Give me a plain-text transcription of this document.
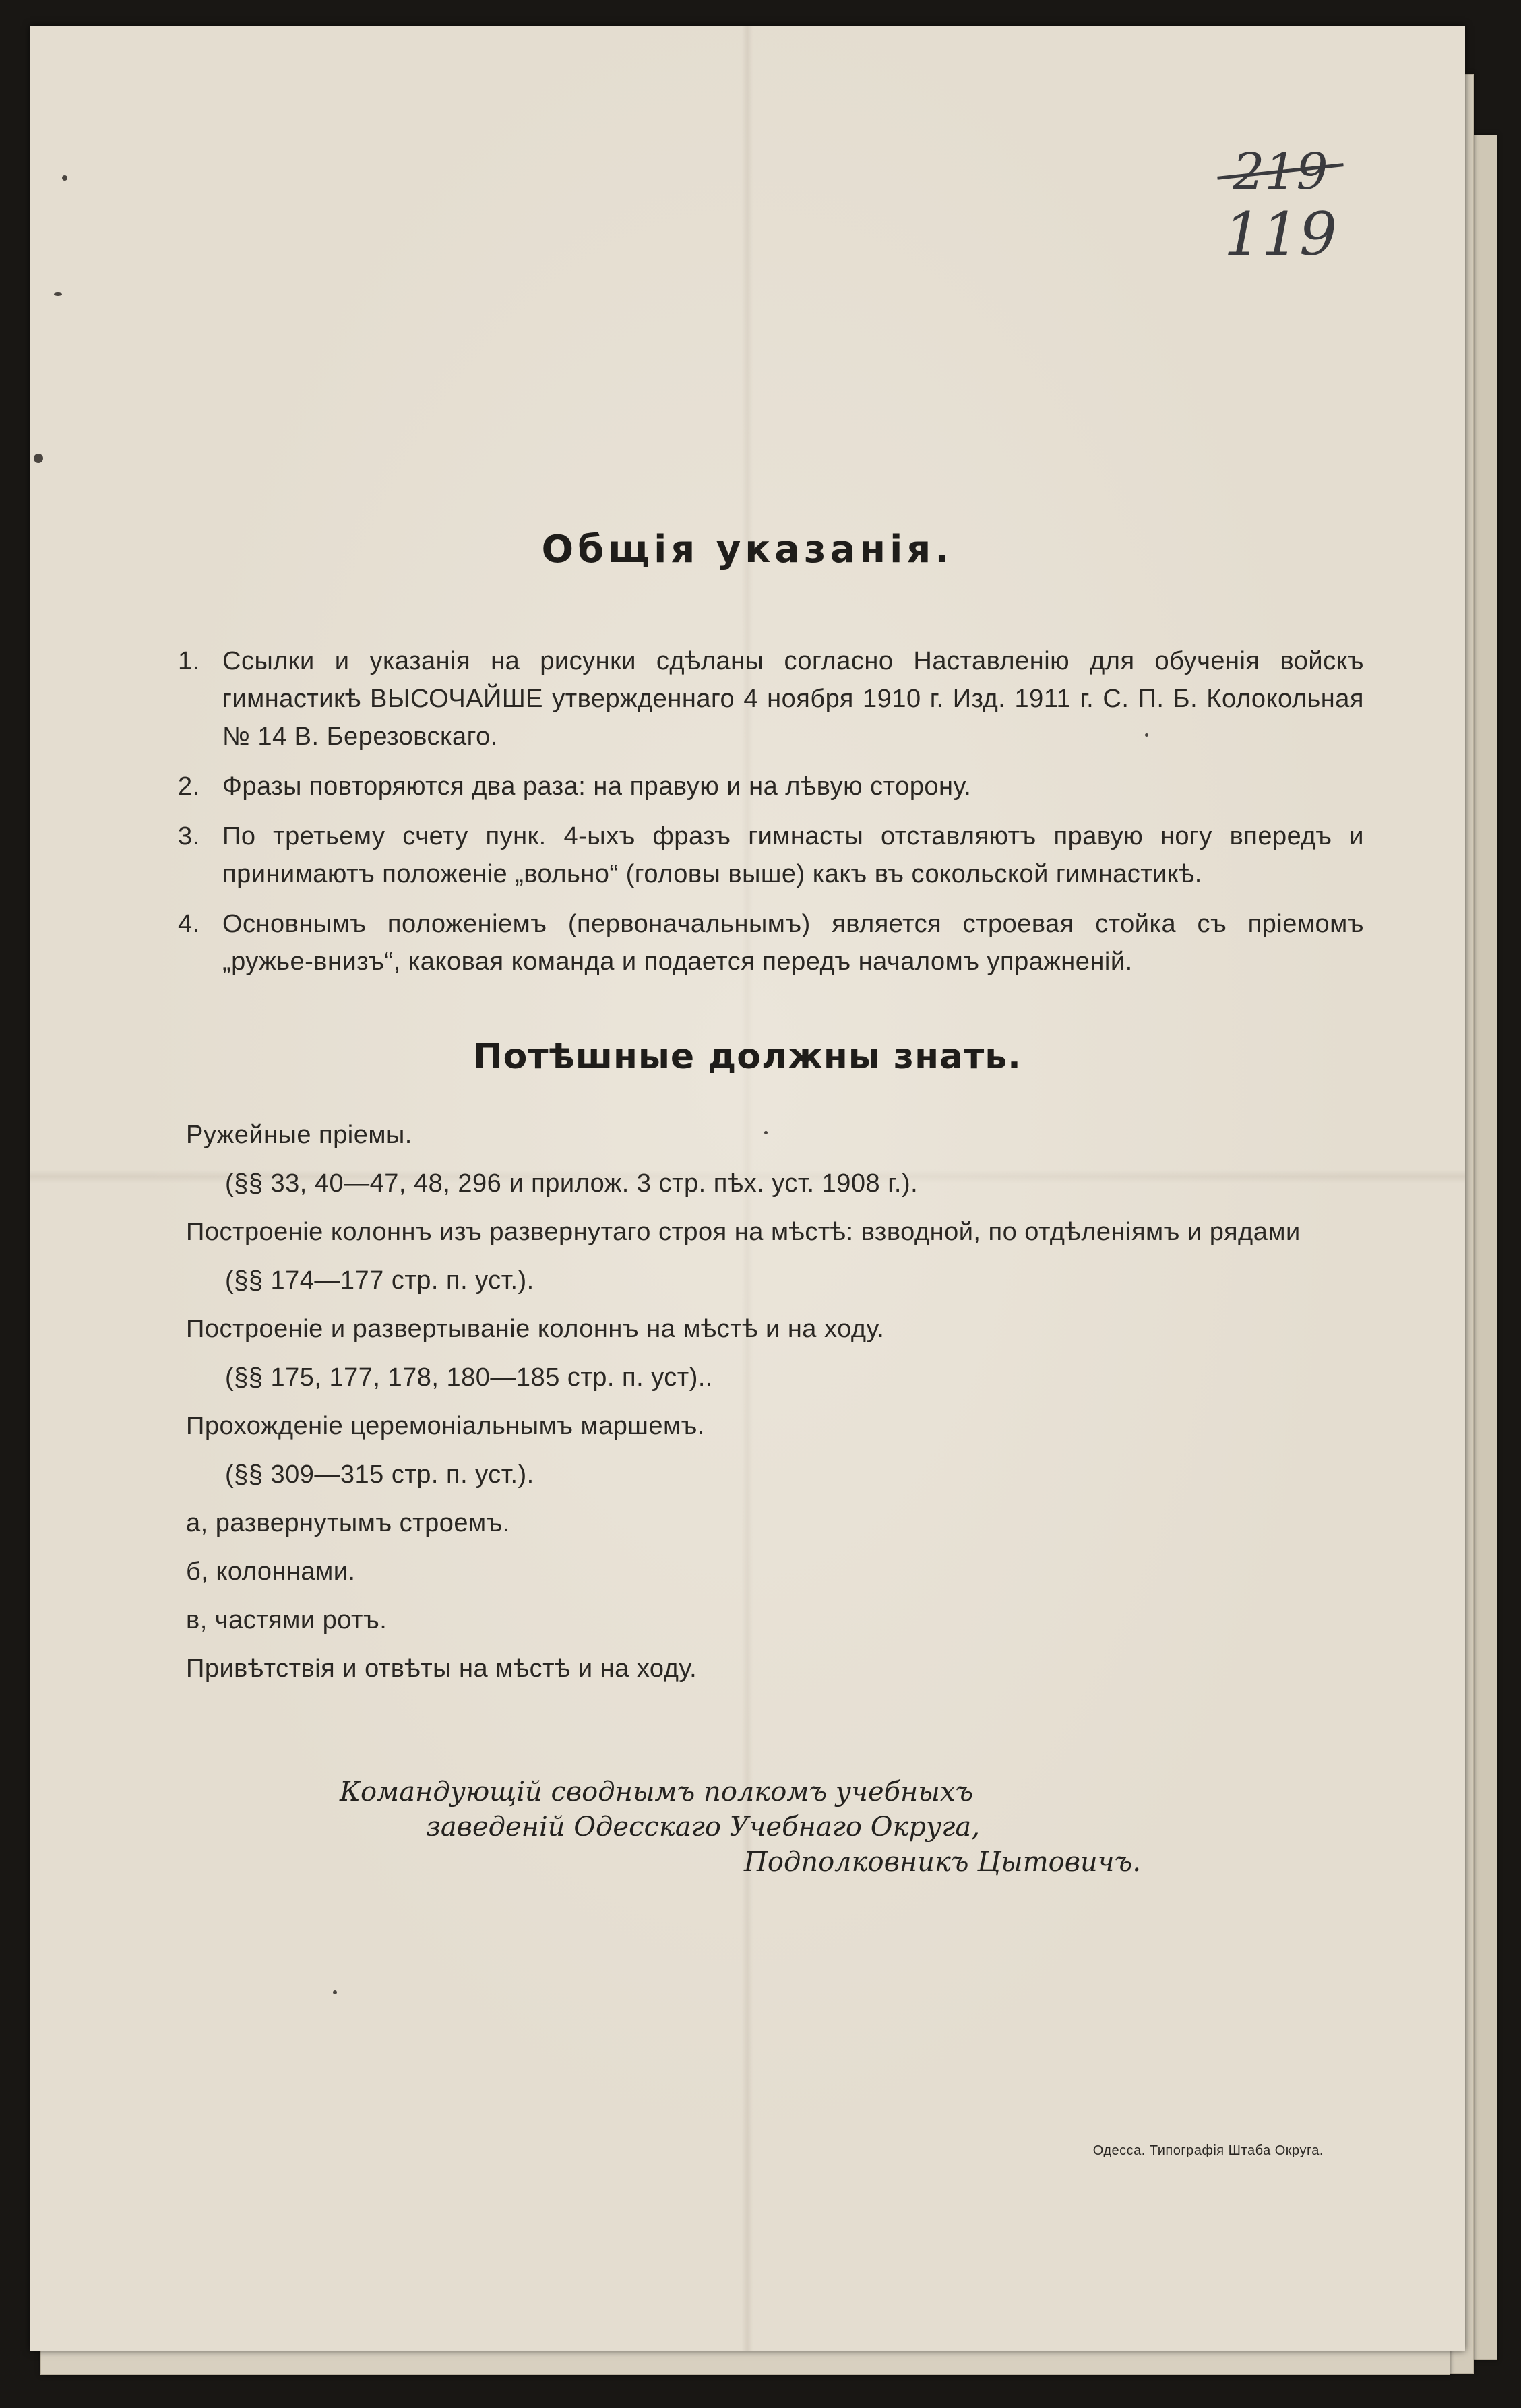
219
119
Общiя указанiя.
1. Ссылки и указанiя на рисунки сдѣланы согласно Наставленiю для обученiя войскъ гимнастикѣ ВЫСОЧАЙШЕ утвержденнаго 4 ноября 1910 г. Изд. 1911 г. С. П. Б. Колокольная № 14 В. Березовскаго.
2. Фразы повторяются два раза: на правую и на лѣвую сторону.
3. По третьему счету пунк. 4-ыхъ фразъ гимнасты отставляютъ правую ногу впередъ и принимаютъ положенiе „вольно“ (головы выше) какъ въ сокольской гимнастикѣ.
4. Основнымъ положенiемъ (первоначальнымъ) является строевая стойка съ прiемомъ „ружье-внизъ“, каковая команда и подается передъ началомъ упражненiй.
Потѣшные должны знать.
Ружейные прiемы.
(§§ 33, 40—47, 48, 296 и прилож. 3 стр. пѣх. уст. 1908 г.).
Построенiе колоннъ изъ развернутаго строя на мѣстѣ: взводной, по отдѣленiямъ и рядами
(§§ 174—177 стр. п. уст.).
Построенiе и развертыванiе колоннъ на мѣстѣ и на ходу.
(§§ 175, 177, 178, 180—185 стр. п. уст)..
Прохожденiе церемонiальнымъ маршемъ.
(§§ 309—315 стр. п. уст.).
а, развернутымъ строемъ.
б, колоннами.
в, частями ротъ.
Привѣтствiя и отвѣты на мѣстѣ и на ходу.
Командующiй своднымъ полкомъ учебныхъ
заведенiй Одесскаго Учебнаго Округа,
Подполковникъ Цытовичъ.
Одесса. Типографiя Штаба Округа.
